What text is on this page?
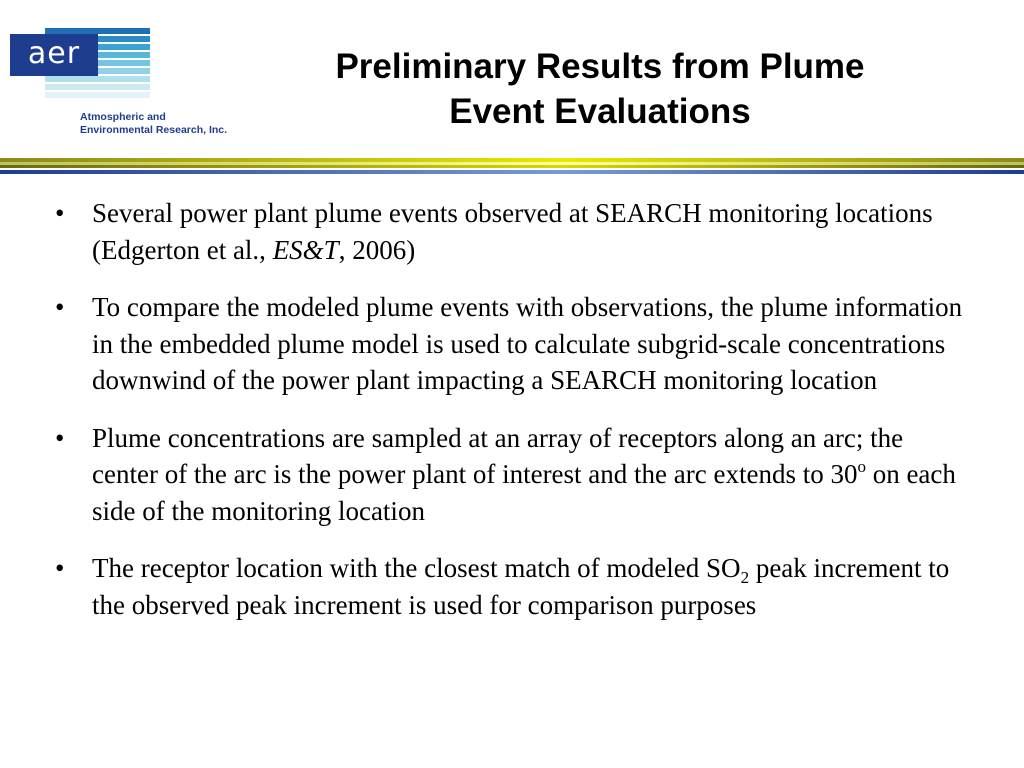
aer
Atmospheric and
Environmental Research, Inc.
Preliminary Results from Plume
Event Evaluations
• Several power plant plume events observed at SEARCH monitoring locations (Edgerton et al., ES&T, 2006)
• To compare the modeled plume events with observations, the plume information in the embedded plume model is used to calculate subgrid-scale concentrations downwind of the power plant impacting a SEARCH monitoring location
• Plume concentrations are sampled at an array of receptors along an arc; the center of the arc is the power plant of interest and the arc extends to 30$^o$ on each side of the monitoring location
• The receptor location with the closest match of modeled $SO_2$ peak increment to the observed peak increment is used for comparison purposes
